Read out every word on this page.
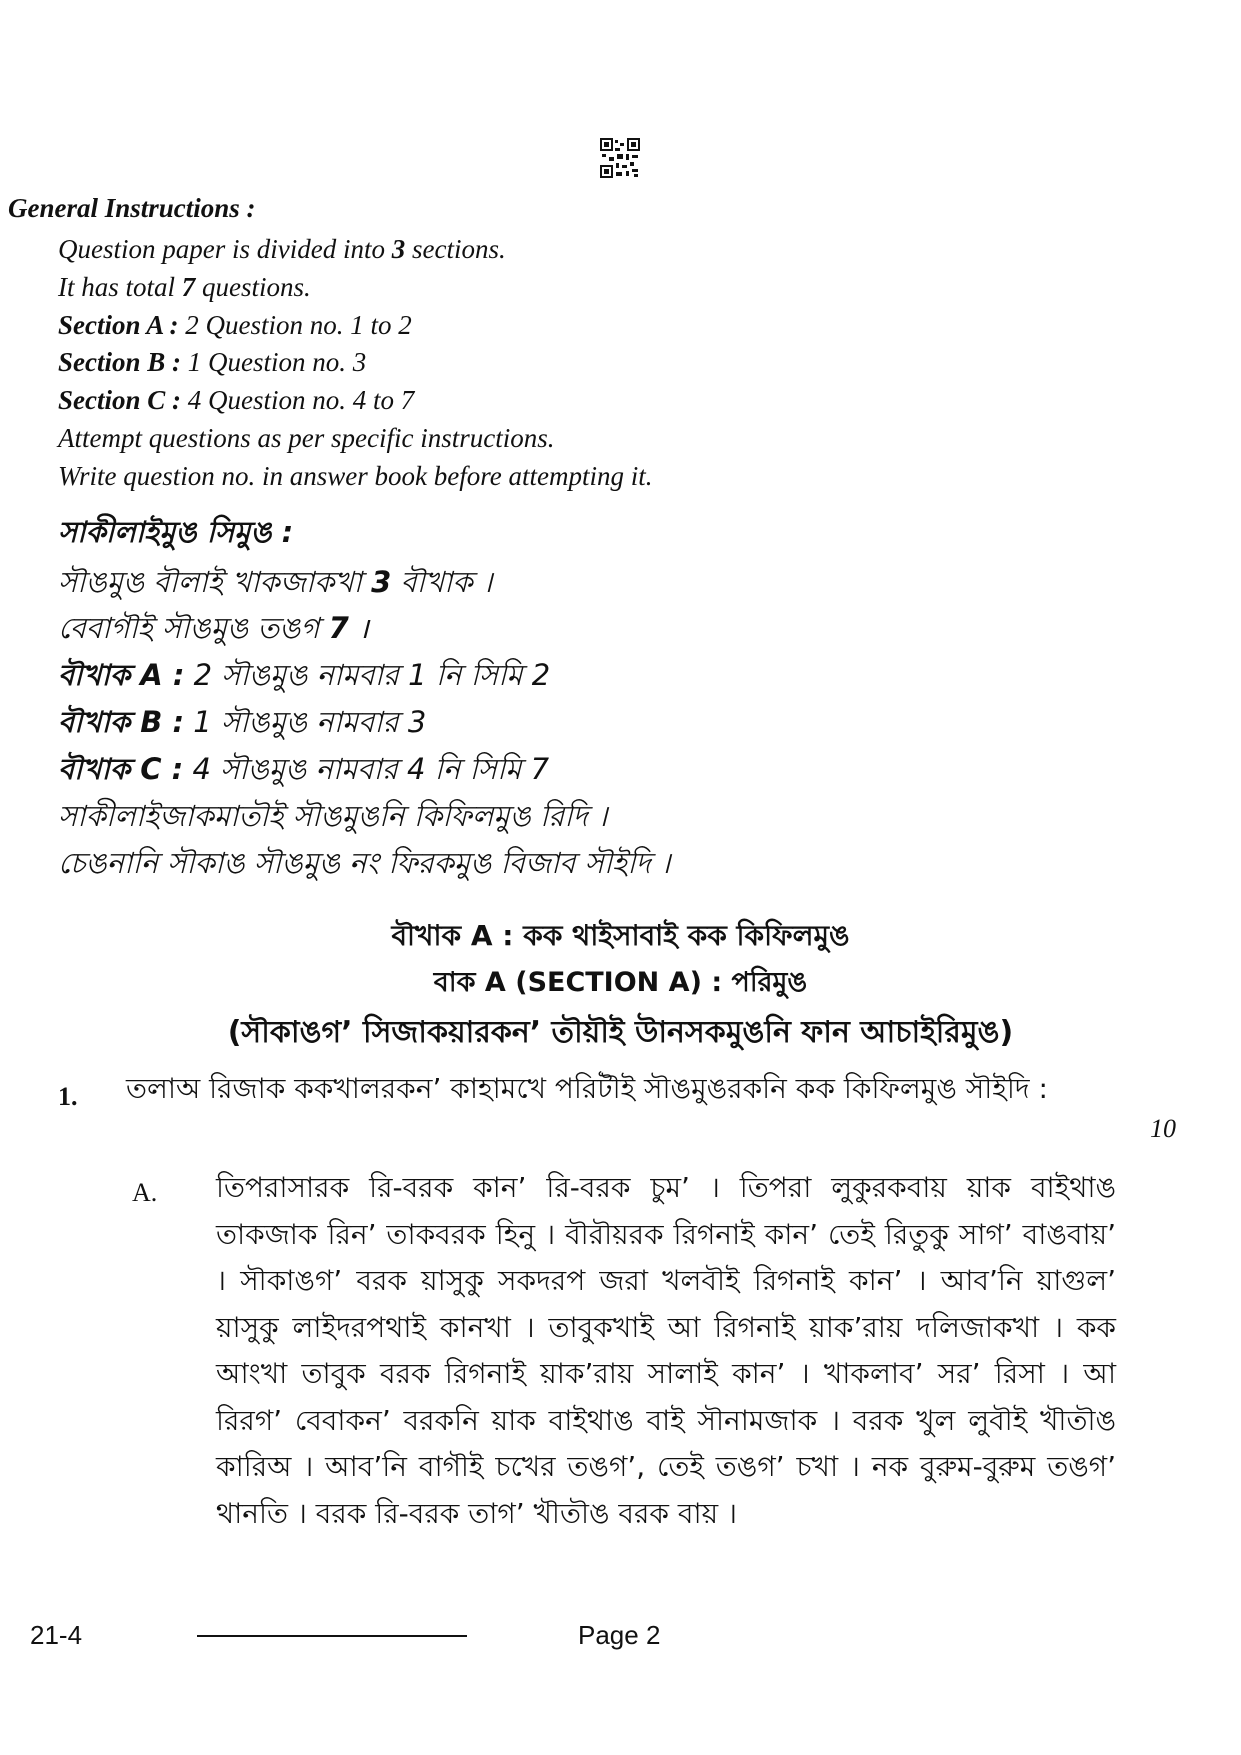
General Instructions :
Question paper is divided into 3 sections.
It has total 7 questions.
Section A : 2 Question no. 1 to 2
Section B : 1 Question no. 3
Section C : 4 Question no. 4 to 7
Attempt questions as per specific instructions.
Write question no. in answer book before attempting it.
সাকীলাইমুঙ সিমুঙ :
সৗঙমুঙ বৗলাই খাকজাকখা 3 বৗখাক ।
বেবাগৗই সৗঙমুঙ তঙগ 7 ।
বৗখাক A : 2 সৗঙমুঙ নামবার 1 নি সিমি 2
বৗখাক B : 1 সৗঙমুঙ নামবার 3
বৗখাক C : 4 সৗঙমুঙ নামবার 4 নি সিমি 7
সাকীলাইজাকমাতৗই সৗঙমুঙনি কিফিলমুঙ রিদি ।
চেঙনানি সৗকাঙ সৗঙমুঙ নং ফিরকমুঙ বিজাব সৗইদি ।
বৗখাক A : কক থাইসাবাই কক কিফিলমুঙ
বাক A (SECTION A) : পরিমুঙ
(সৗকাঙগ’ সিজাকয়ারকন’ তৗয়ৗই উানসকমুঙনি ফান আচাইরিমুঙ)
1. তলাঅ রিজাক ককখালরকন’ কাহামখে পরিটৗই সৗঙমুঙরকনি কক কিফিলমুঙ সৗইদি :
10
A. তিপরাসারক রি-বরক কান’ রি-বরক চুম’ । তিপরা লুকুরকবায় য়াক বাইথাঙ তাকজাক রিন’ তাকবরক হিনু । বৗরৗয়রক রিগনাই কান’ তেই রিতুকু সাগ’ বাঙবায়’ । সৗকাঙগ’ বরক য়াসুকু সকদরপ জরা খলবৗই রিগনাই কান’ । আব’নি য়াগুল’ য়াসুকু লাইদরপথাই কানখা । তাবুকখাই আ রিগনাই য়াক’রায় দলিজাকখা । কক আংখা তাবুক বরক রিগনাই য়াক’রায় সালাই কান’ । খাকলাব’ সর’ রিসা । আ রিরগ’ বেবাকন’ বরকনি য়াক বাইথাঙ বাই সৗনামজাক । বরক খুল লুবৗই খৗতৗঙ কারিঅ । আব’নি বাগৗই চখের তঙগ’, তেই তঙগ’ চখা । নক বুরুম-বুরুম তঙগ’ থানতি । বরক রি-বরক তাগ’ খৗতৗঙ বরক বায় ।
21-4	Page 2
